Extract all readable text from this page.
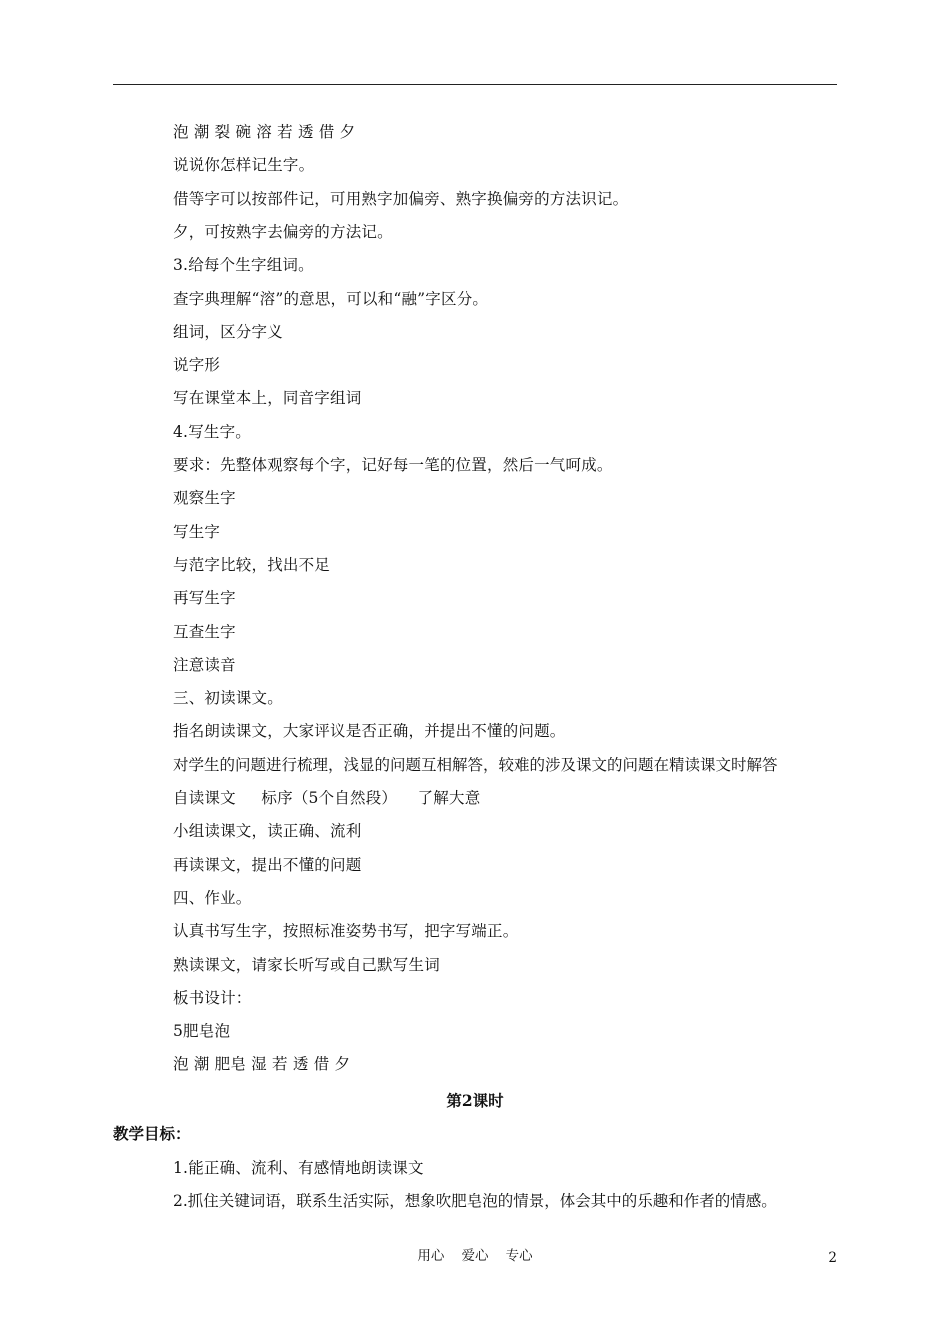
泡 潮 裂 碗 溶 若 透 借 夕
说说你怎样记生字。
借等字可以按部件记，可用熟字加偏旁、熟字换偏旁的方法识记。
夕，可按熟字去偏旁的方法记。
3.给每个生字组词。
查字典理解“溶”的意思，可以和“融”字区分。
组词，区分字义
说字形
写在课堂本上，同音字组词
4.写生字。
要求：先整体观察每个字，记好每一笔的位置，然后一气呵成。
观察生字
写生字
与范字比较，找出不足
再写生字
互查生字
注意读音
三、初读课文。
指名朗读课文，大家评议是否正确，并提出不懂的问题。
对学生的问题进行梳理，浅显的问题互相解答，较难的涉及课文的问题在精读课文时解答
自读课文     标序（5个自然段）    了解大意
小组读课文，读正确、流利
再读课文，提出不懂的问题
四、作业。
认真书写生字，按照标准姿势书写，把字写端正。
熟读课文，请家长听写或自己默写生词
板书设计：
5肥皂泡
泡 潮 肥皂 湿 若 透 借 夕
第2课时
教学目标：
1.能正确、流利、有感情地朗读课文
2.抓住关键词语，联系生活实际，想象吹肥皂泡的情景，体会其中的乐趣和作者的情感。
用心    爱心    专心	2
